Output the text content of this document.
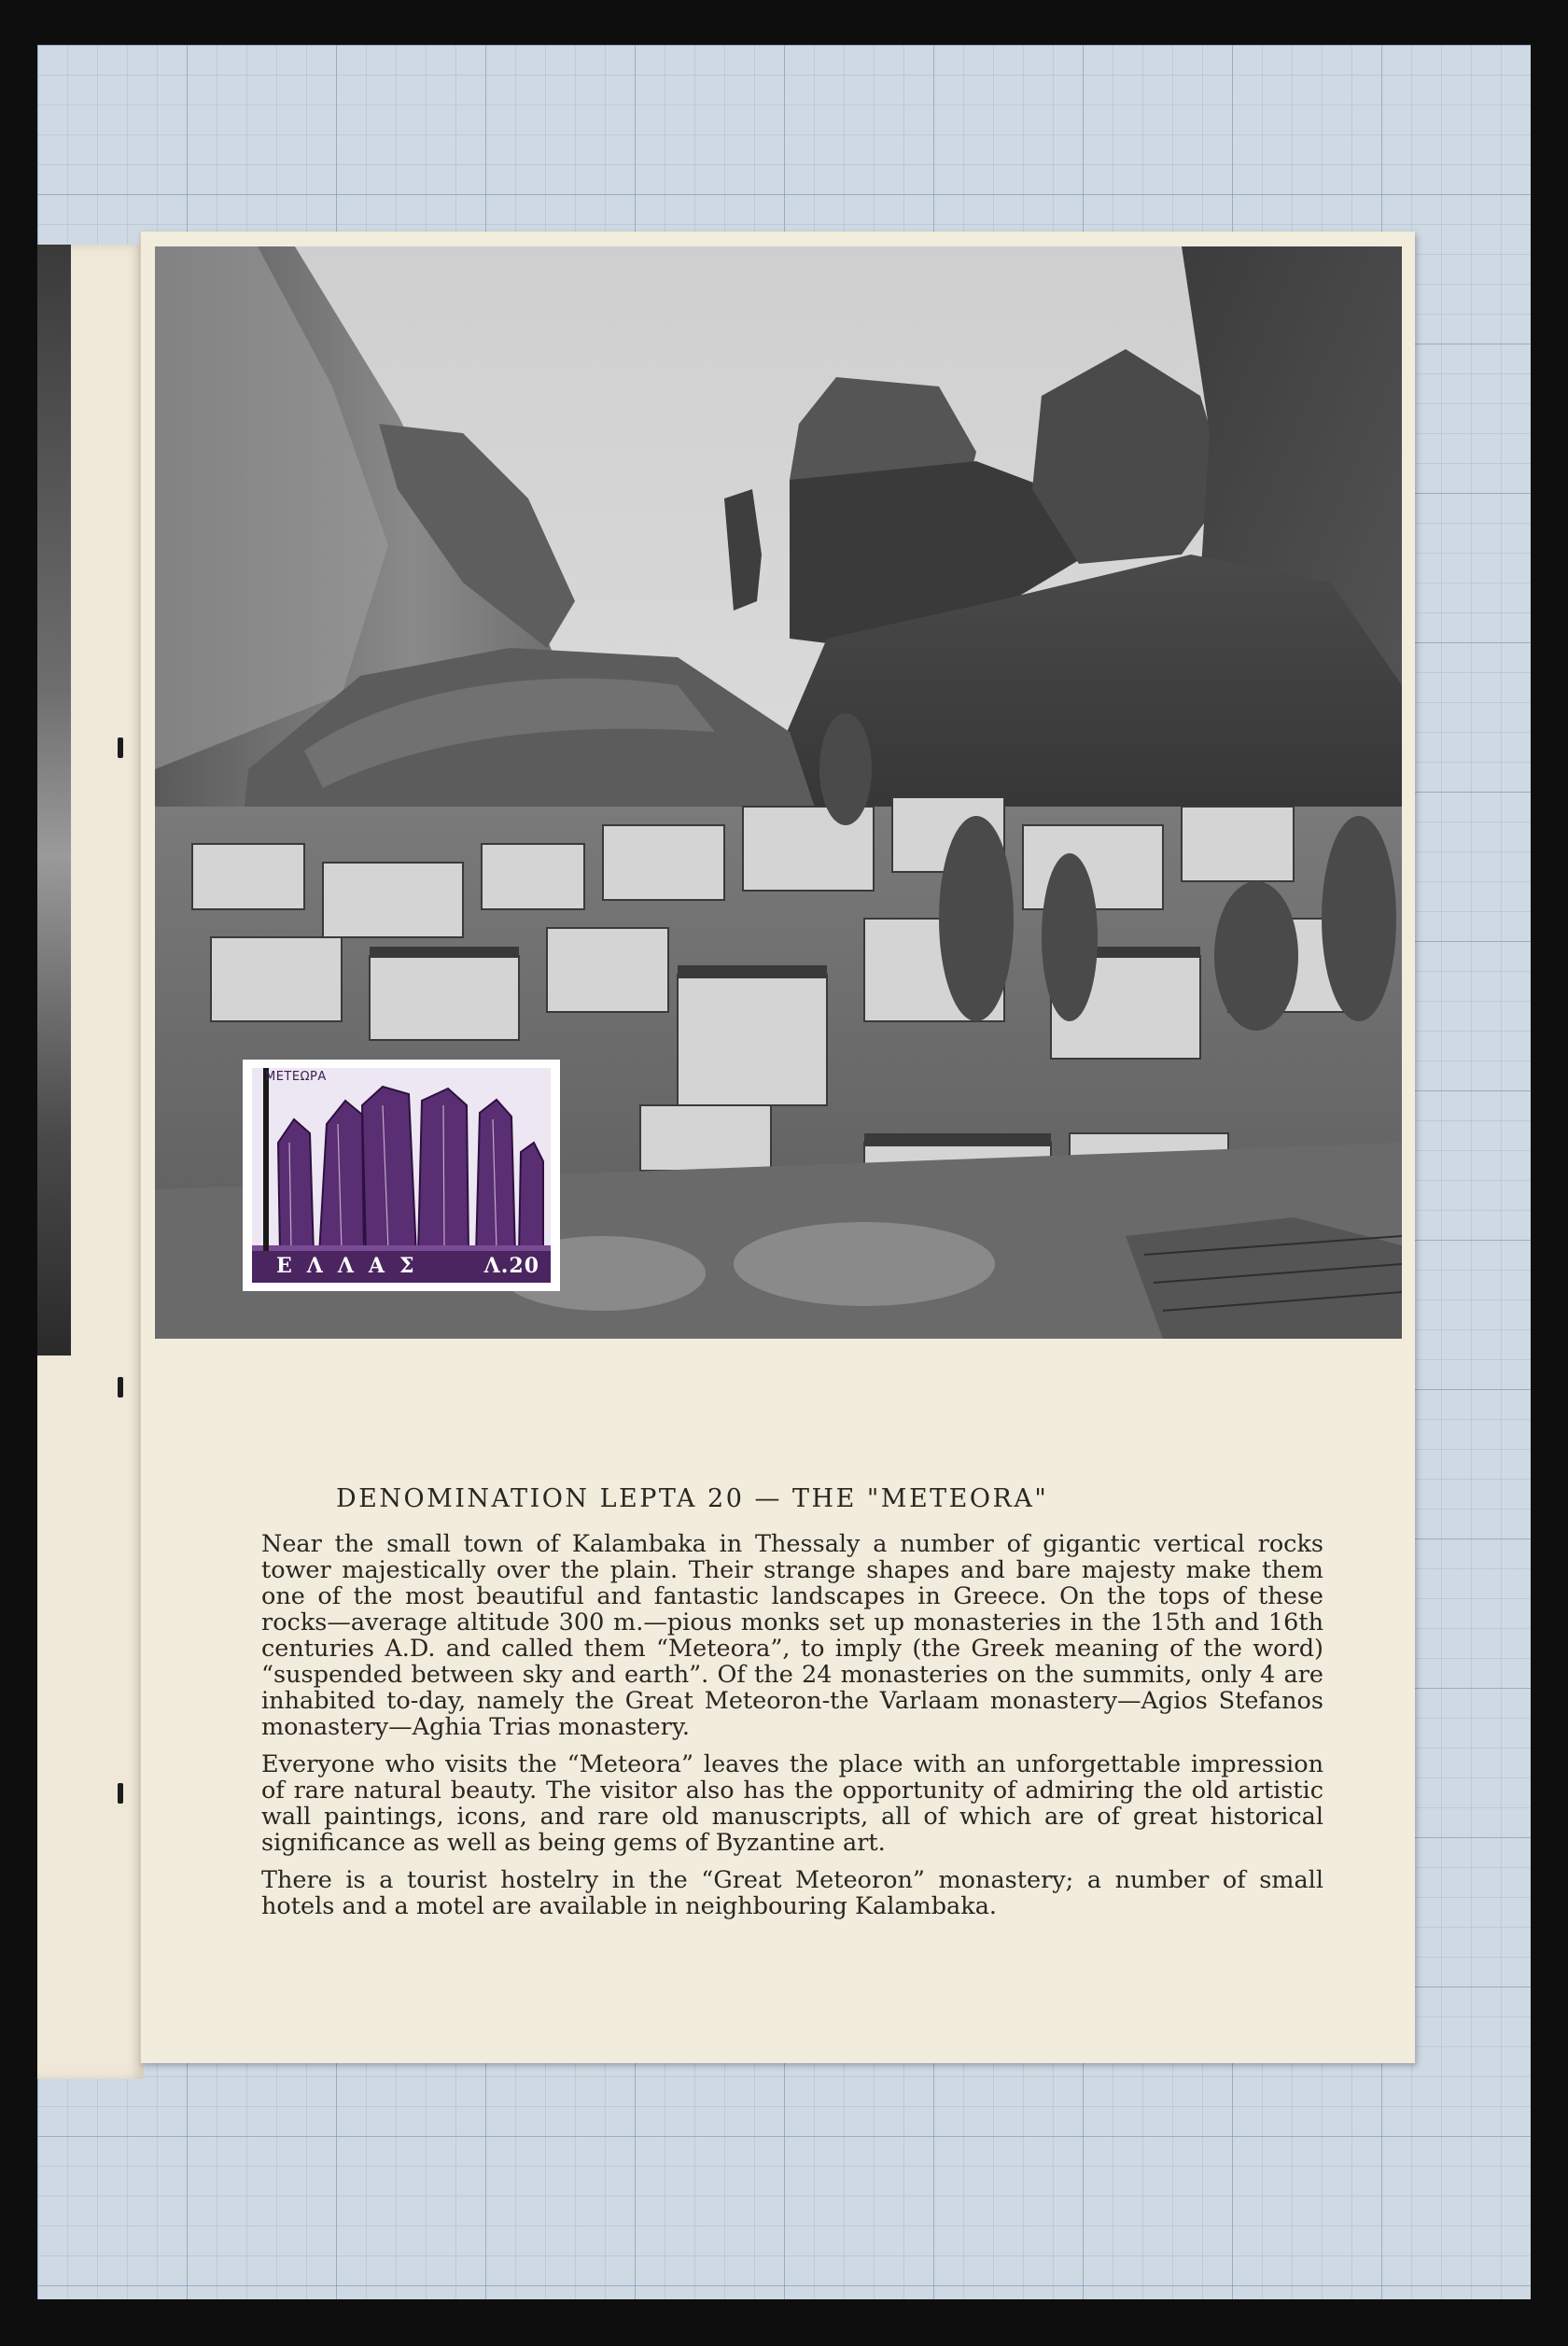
ΜΕΤΕΩΡΑ
ΕΛΛΑΣ	Λ.20
DENOMINATION LEPTA 20 — THE "METEORA"

Near the small town of Kalambaka in Thessaly a number of gigantic vertical rocks tower majestically over the plain. Their strange shapes and bare majesty make them one of the most beautiful and fantastic landscapes in Greece. On the tops of these rocks—average altitude 300 m.—pious monks set up monasteries in the 15th and 16th centuries A.D. and called them “Meteora”, to imply (the Greek meaning of the word) “suspended between sky and earth”. Of the 24 monasteries on the summits, only 4 are inhabited to-day, namely the Great Meteoron-the Varlaam monastery—Agios Stefanos monastery—Aghia Trias monastery.

Everyone who visits the “Meteora” leaves the place with an unforgettable impression of rare natural beauty. The visitor also has the opportunity of admiring the old artistic wall paintings, icons, and rare old manuscripts, all of which are of great historical significance as well as being gems of Byzantine art.

There is a tourist hostelry in the “Great Meteoron” monastery; a number of small hotels and a motel are available in neighbouring Kalambaka.
